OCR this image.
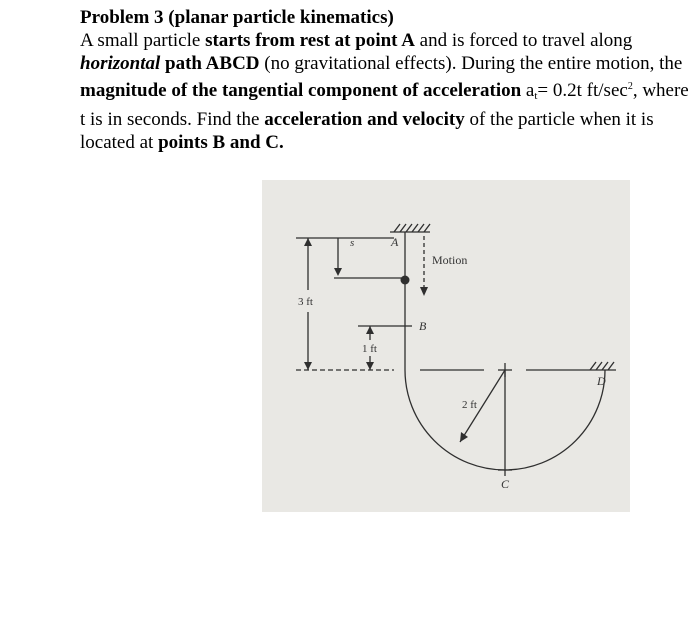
Problem 3 (planar particle kinematics)
A small particle starts from rest at point A and is forced to travel along horizontal path ABCD (no gravitational effects). During the entire motion, the magnitude of the tangential component of acceleration $a_t= 0.2t$ $ft/\sec^2$, where t is in seconds. Find the acceleration and velocity of the particle when it is located at points B and C.
A
B
C
D
s
Motion
3 ft
1 ft
2 ft
